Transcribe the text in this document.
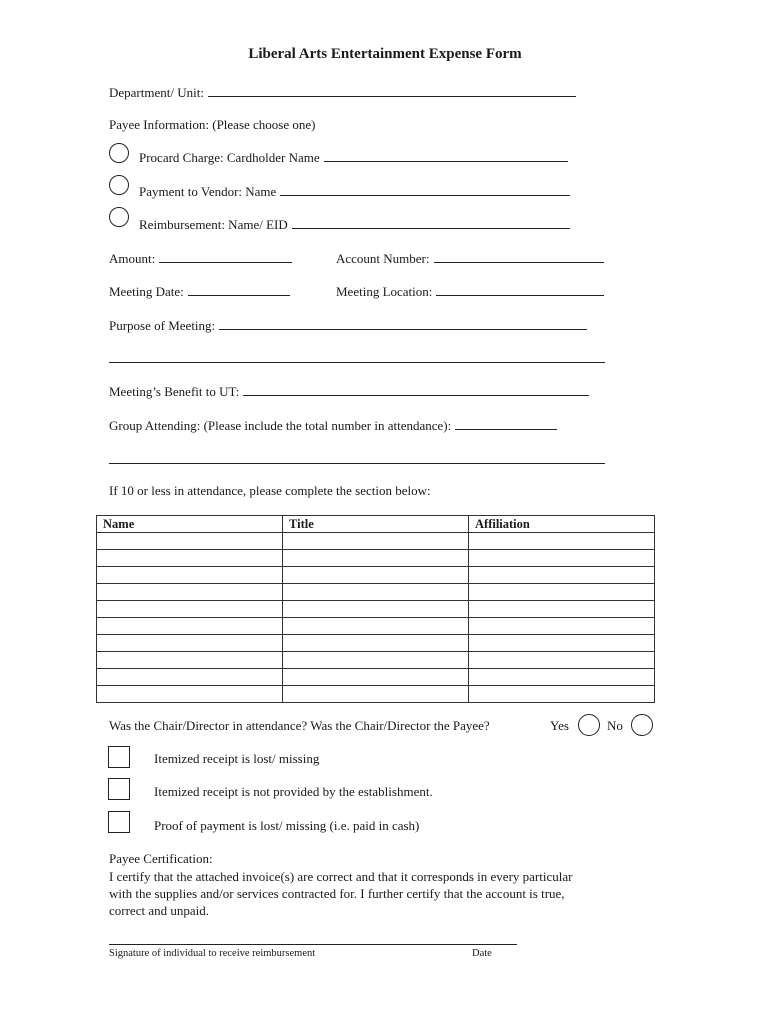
Liberal Arts Entertainment Expense Form
Department/ Unit:
Payee Information: (Please choose one)
Procard Charge: Cardholder Name
Payment to Vendor: Name
Reimbursement: Name/ EID
Amount:	Account Number:
Meeting Date:	Meeting Location:
Purpose of Meeting:
Meeting’s Benefit to UT:
Group Attending: (Please include the total number in attendance):
If 10 or less in attendance, please complete the section below:
Name	Title	Affiliation

Was the Chair/Director in attendance? Was the Chair/Director the Payee?	Yes	No
Itemized receipt is lost/ missing
Itemized receipt is not provided by the establishment.
Proof of payment is lost/ missing (i.e. paid in cash)
Payee Certification:
I certify that the attached invoice(s) are correct and that it corresponds in every particular with the supplies and/or services contracted for. I further certify that the account is true, correct and unpaid.
Signature of individual to receive reimbursement	Date
